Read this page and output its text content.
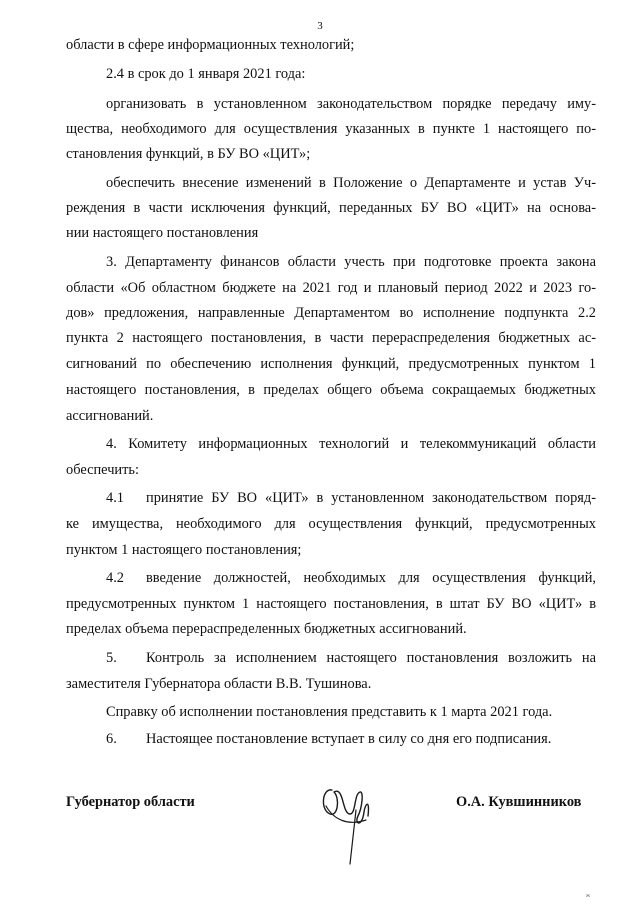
3
области в сфере информационных технологий;
2.4 в срок до 1 января 2021 года:
организовать в установленном законодательством порядке передачу иму-
щества, необходимого для осуществления указанных в пункте 1 настоящего по-
становления функций, в БУ ВО «ЦИТ»;
обеспечить внесение изменений в Положение о Департаменте и устав Уч-
реждения в части исключения функций, переданных БУ ВО «ЦИТ» на основа-
нии настоящего постановления
3. Департаменту финансов области учесть при подготовке проекта закона
области «Об областном бюджете на 2021 год и плановый период 2022 и 2023 го-
дов» предложения, направленные Департаментом во исполнение подпункта 2.2
пункта 2 настоящего постановления, в части перераспределения бюджетных ас-
сигнований по обеспечению исполнения функций, предусмотренных пунктом 1
настоящего постановления, в пределах общего объема сокращаемых бюджетных
ассигнований.
4. Комитету информационных технологий и телекоммуникаций области
обеспечить:
4.1 принятие БУ ВО «ЦИТ» в установленном законодательством поряд-
ке имущества, необходимого для осуществления функций, предусмотренных
пунктом 1 настоящего постановления;
4.2 введение должностей, необходимых для осуществления функций,
предусмотренных пунктом 1 настоящего постановления, в штат БУ ВО «ЦИТ» в
пределах объема перераспределенных бюджетных ассигнований.
5. Контроль за исполнением настоящего постановления возложить на
заместителя Губернатора области В.В. Тушинова.
Справку об исполнении постановления представить к 1 марта 2021 года.
6. Настоящее постановление вступает в силу со дня его подписания.
Губернатор области	О.А. Кувшинников
ж
